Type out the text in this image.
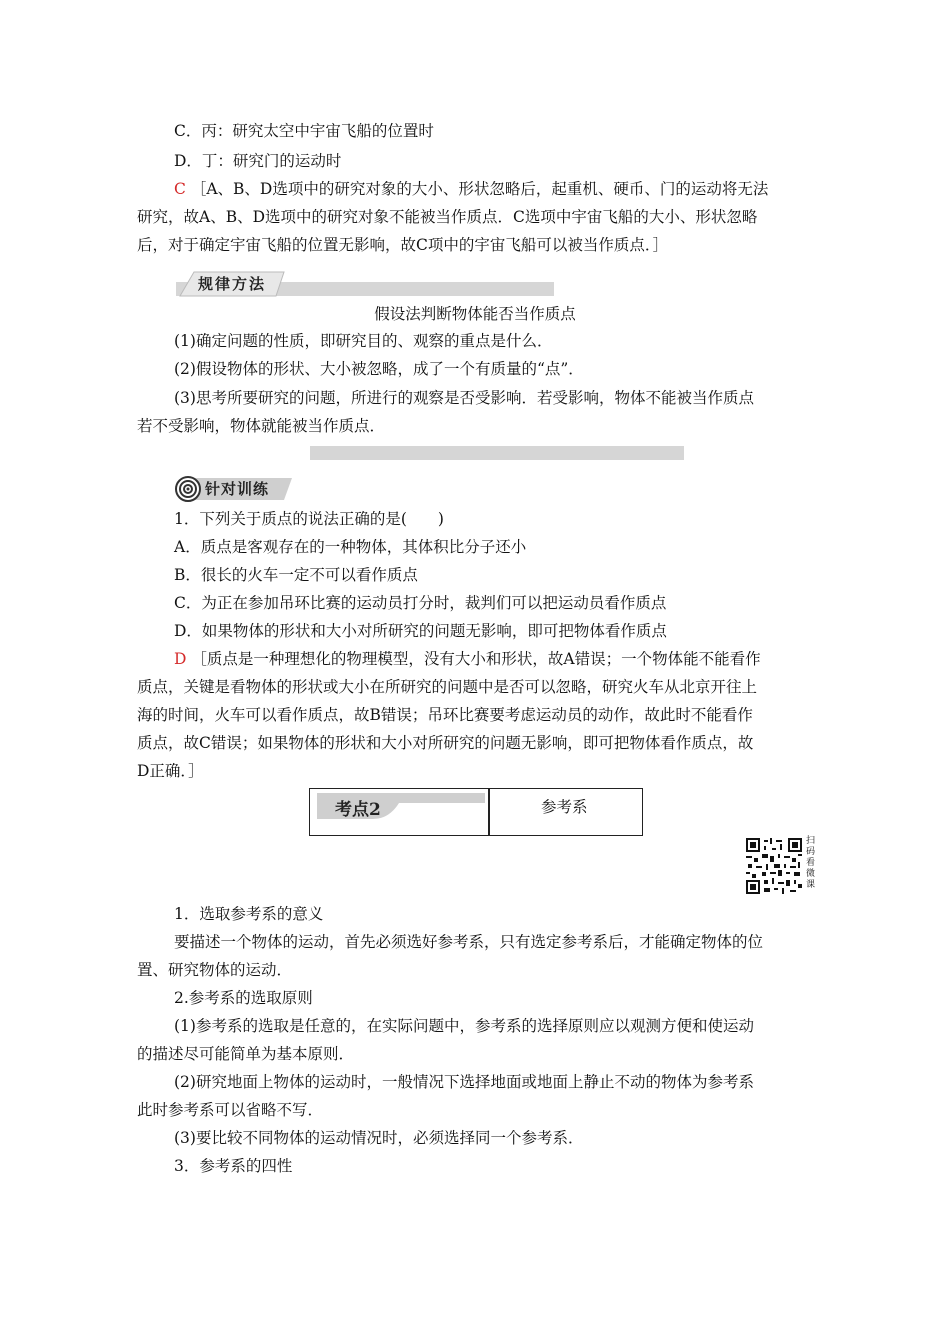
C．丙：研究太空中宇宙飞船的位置时
D．丁：研究门的运动时
C ［A、B、D选项中的研究对象的大小、形状忽略后，起重机、硬币、门的运动将无法
研究，故A、B、D选项中的研究对象不能被当作质点．C选项中宇宙飞船的大小、形状忽略
后，对于确定宇宙飞船的位置无影响，故C项中的宇宙飞船可以被当作质点．］
规律方法
假设法判断物体能否当作质点
(1)确定问题的性质，即研究目的、观察的重点是什么．
(2)假设物体的形状、大小被忽略，成了一个有质量的“点”．
(3)思考所要研究的问题，所进行的观察是否受影响．若受影响，物体不能被当作质点
若不受影响，物体就能被当作质点．
针对训练
1．下列关于质点的说法正确的是(　　)
A．质点是客观存在的一种物体，其体积比分子还小
B．很长的火车一定不可以看作质点
C．为正在参加吊环比赛的运动员打分时，裁判们可以把运动员看作质点
D．如果物体的形状和大小对所研究的问题无影响，即可把物体看作质点
D ［质点是一种理想化的物理模型，没有大小和形状，故A错误；一个物体能不能看作
质点，关键是看物体的形状或大小在所研究的问题中是否可以忽略，研究火车从北京开往上
海的时间，火车可以看作质点，故B错误；吊环比赛要考虑运动员的动作，故此时不能看作
质点，故C错误；如果物体的形状和大小对所研究的问题无影响，即可把物体看作质点，故
D正确．］
考点2	参考系
扫码看微课
1．选取参考系的意义
要描述一个物体的运动，首先必须选好参考系，只有选定参考系后，才能确定物体的位
置、研究物体的运动．
2.参考系的选取原则
(1)参考系的选取是任意的，在实际问题中，参考系的选择原则应以观测方便和使运动
的描述尽可能简单为基本原则．
(2)研究地面上物体的运动时，一般情况下选择地面或地面上静止不动的物体为参考系
此时参考系可以省略不写．
(3)要比较不同物体的运动情况时，必须选择同一个参考系．
3．参考系的四性
